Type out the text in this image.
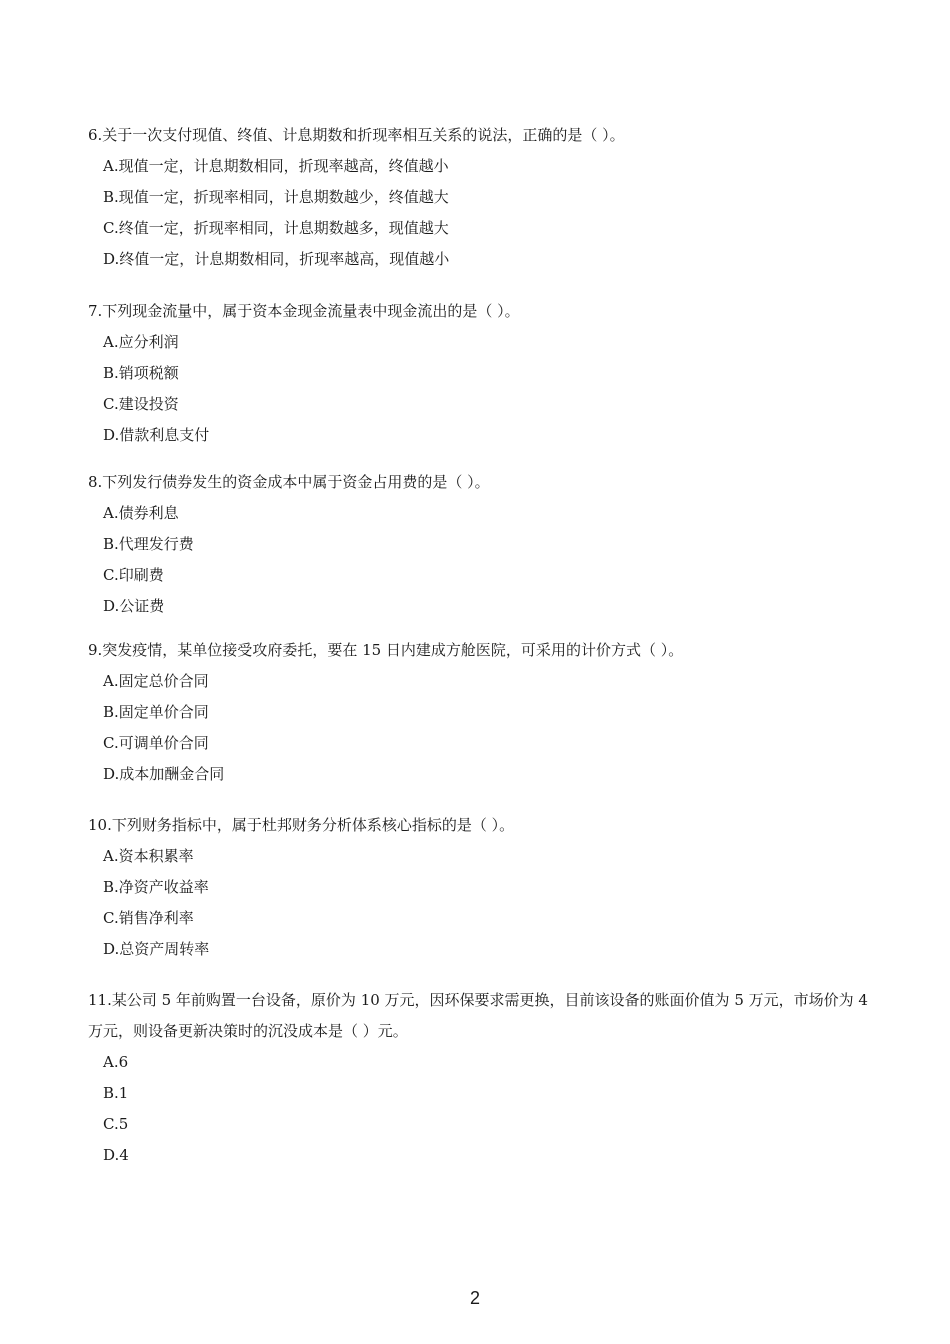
6.关于一次支付现值、终值、计息期数和折现率相互关系的说法，正确的是（ ）。

A.现值一定，计息期数相同，折现率越高，终值越小
B.现值一定，折现率相同，计息期数越少，终值越大
C.终值一定，折现率相同，计息期数越多，现值越大
D.终值一定，计息期数相同，折现率越高，现值越小

7.下列现金流量中，属于资本金现金流量表中现金流出的是（ ）。

A.应分利润
B.销项税额
C.建设投资
D.借款利息支付

8.下列发行债券发生的资金成本中属于资金占用费的是（ ）。

A.债券利息
B.代理发行费
C.印刷费
D.公证费

9.突发疫情，某单位接受攻府委托，要在 15 日内建成方舱医院，可采用的计价方式（ ）。

A.固定总价合同
B.固定单价合同
C.可调单价合同
D.成本加酬金合同

10.下列财务指标中，属于杜邦财务分析体系核心指标的是（ ）。

A.资本积累率
B.净资产收益率
C.销售净利率
D.总资产周转率

11.某公司 5 年前购置一台设备，原价为 10 万元，因环保要求需更换，目前该设备的账面价值为 5 万元，市场价为 4 万元，则设备更新决策时的沉没成本是（ ）元。

A.6
B.1
C.5
D.4
2
